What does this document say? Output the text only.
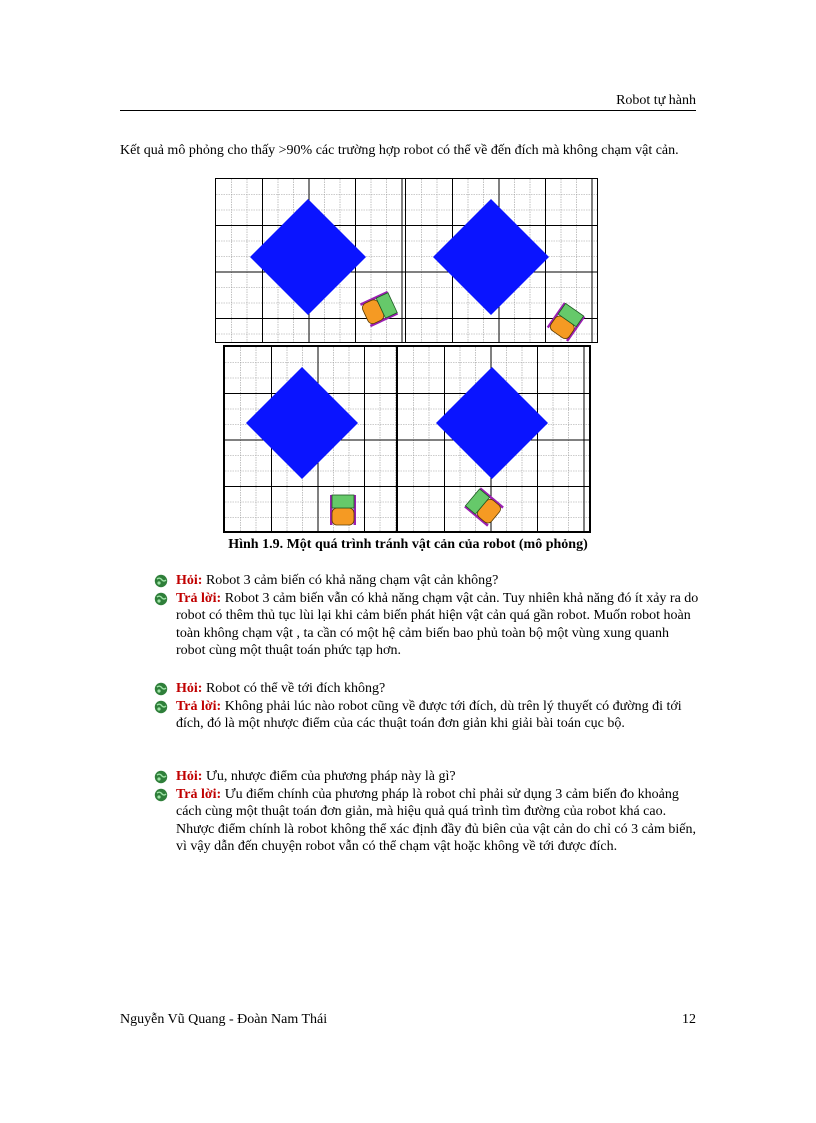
Robot tự hành
Kết quả mô phỏng cho thấy >90% các trường hợp robot có thể về đến đích mà không chạm vật cản.
Hình 1.9. Một quá trình tránh vật cản của robot (mô phỏng)
Hỏi: Robot 3 cảm biến có khả năng chạm vật cản không?
Trả lời: Robot 3 cảm biến vẫn có khả năng chạm vật cản. Tuy nhiên khả năng đó ít xảy ra do robot có thêm thủ tục lùi lại khi cảm biến phát hiện vật cản quá gần robot. Muốn robot hoàn toàn không chạm vật , ta cần có một hệ cảm biến bao phủ toàn bộ một vùng xung quanh robot cùng một thuật toán phức tạp hơn.
Hỏi: Robot có thể về tới đích không?
Trả lời: Không phải lúc nào robot cũng về được tới đích, dù trên lý thuyết có đường đi tới đích, đó là một nhược điểm của các thuật toán đơn giản khi giải bài toán cục bộ.
Hỏi: Ưu, nhược điểm của phương pháp này là gì?
Trả lời: Ưu điểm chính của phương pháp là robot chỉ phải sử dụng 3 cảm biến đo khoảng cách cùng một thuật toán đơn giản, mà hiệu quả quá trình tìm đường của robot khá cao.
Nhược điểm chính là robot không thể xác định đầy đủ biên của vật cản do chỉ có 3 cảm biến, vì vậy dẫn đến chuyện robot vẫn có thể chạm vật hoặc không về tới được đích.
Nguyễn Vũ Quang - Đoàn Nam Thái	12
